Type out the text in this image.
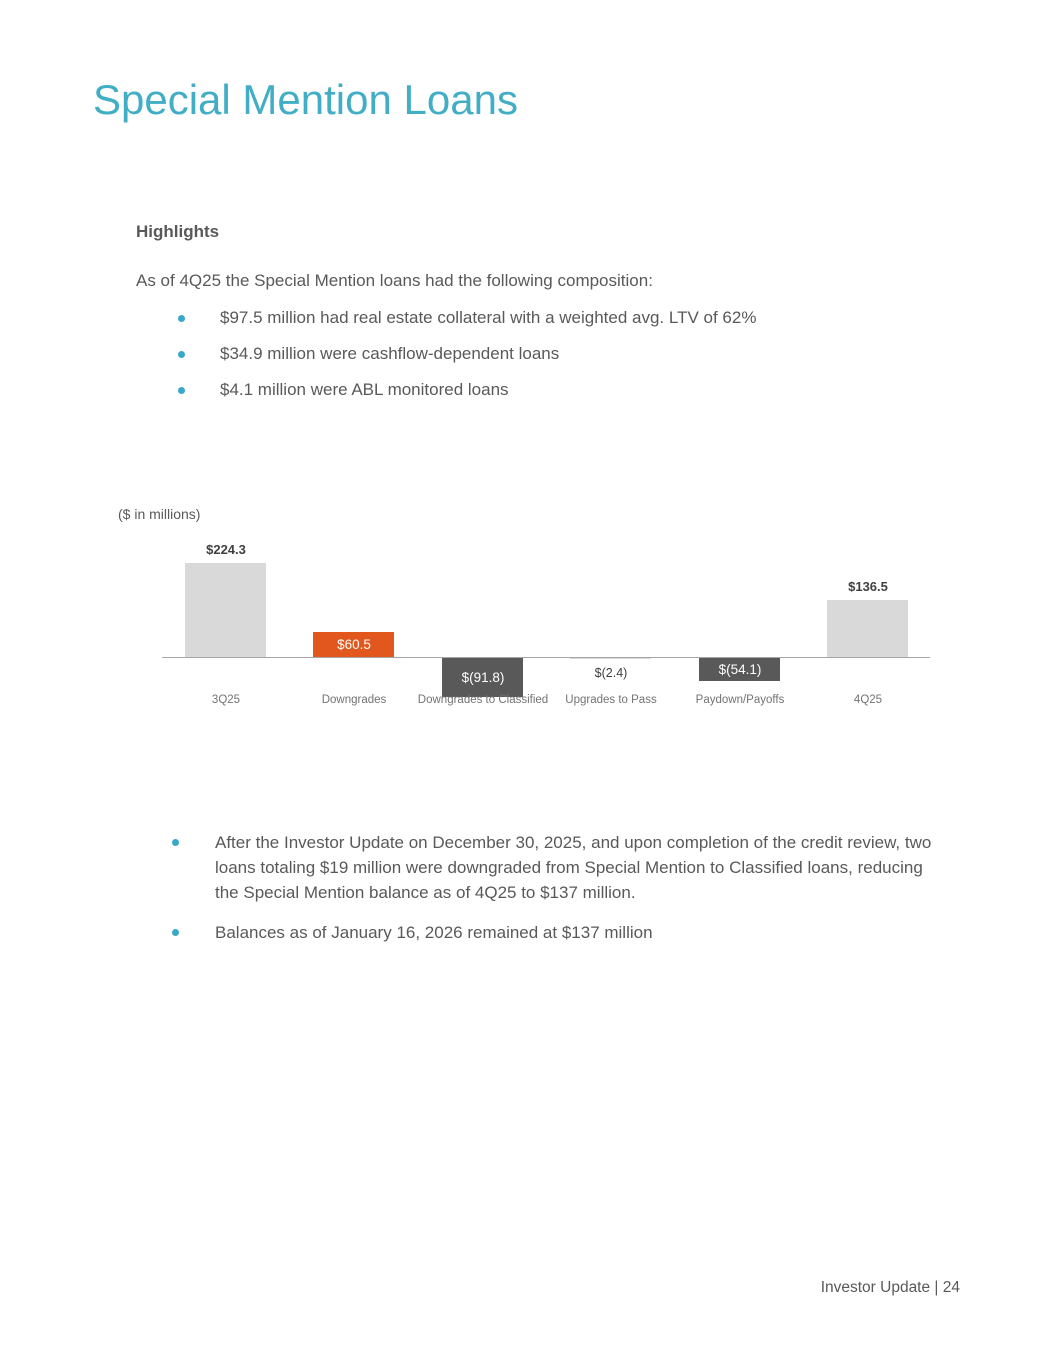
Special Mention Loans
Highlights

As of 4Q25 the Special Mention loans had the following composition:

$97.5 million had real estate collateral with a weighted avg. LTV of 62%
$34.9 million were cashflow-dependent loans
$4.1 million were ABL monitored loans
($ in millions)
$224.3
3Q25
$60.5
Downgrades
$(91.8)
Downgrades to Classified
$(2.4)
Upgrades to Pass
$(54.1)
Paydown/Payoffs
$136.5
4Q25
After the Investor Update on December 30, 2025, and upon completion of the credit review, two loans totaling $19 million were downgraded from Special Mention to Classified loans, reducing the Special Mention balance as of 4Q25 to $137 million.
Balances as of January 16, 2026 remained at $137 million
Investor Update | 24
